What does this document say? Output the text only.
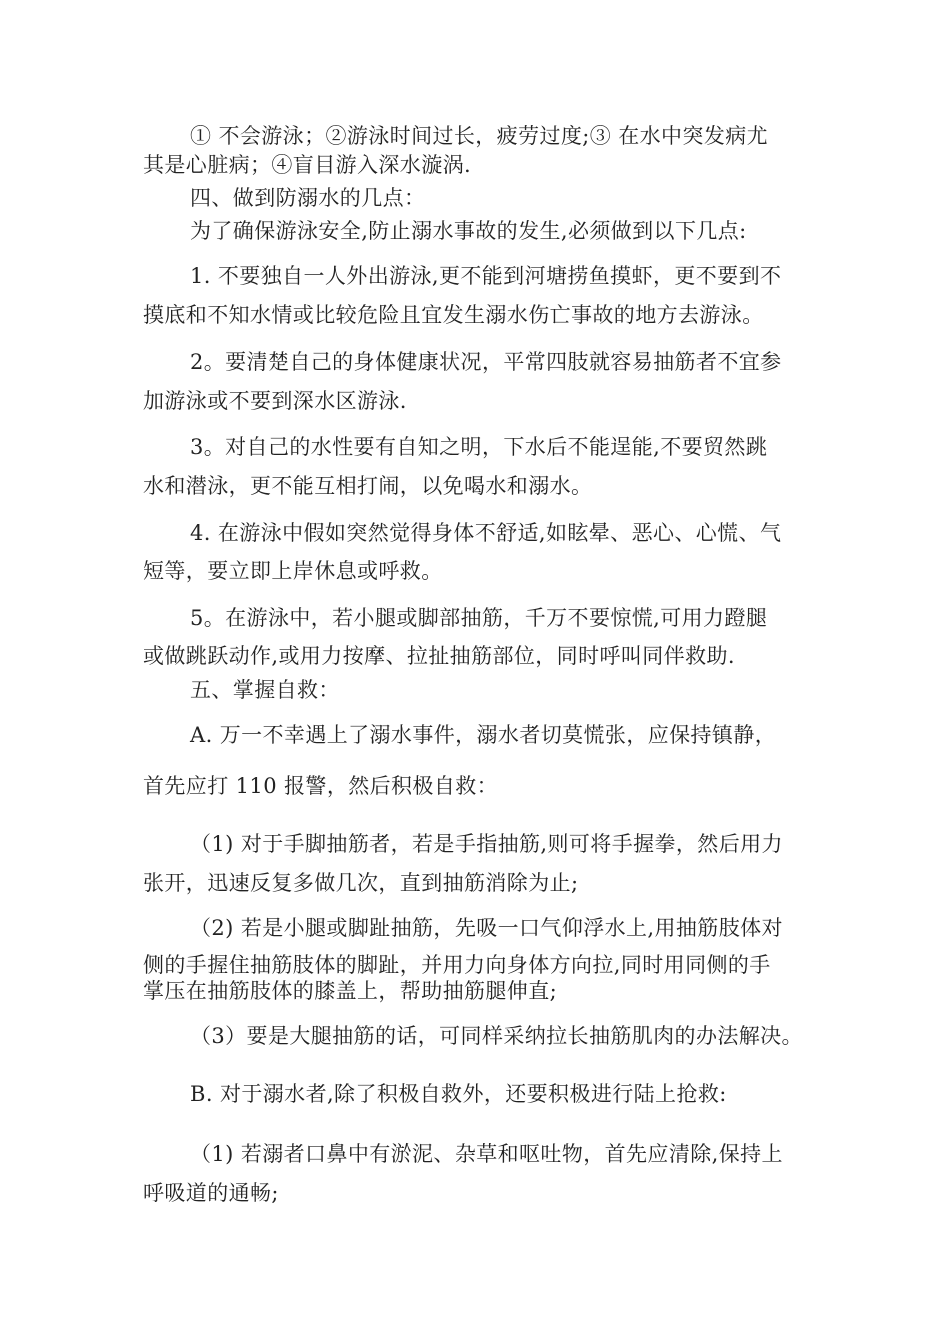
① 不会游泳；②游泳时间过长，疲劳过度;③ 在水中突发病尤
其是心脏病；④盲目游入深水漩涡.
四、做到防溺水的几点：
为了确保游泳安全,防止溺水事故的发生,必须做到以下几点:
1. 不要独自一人外出游泳,更不能到河塘捞鱼摸虾，更不要到不
摸底和不知水情或比较危险且宜发生溺水伤亡事故的地方去游泳。
2。要清楚自己的身体健康状况，平常四肢就容易抽筋者不宜参
加游泳或不要到深水区游泳.
3。对自己的水性要有自知之明，下水后不能逞能,不要贸然跳
水和潜泳，更不能互相打闹，以免喝水和溺水。
4. 在游泳中假如突然觉得身体不舒适,如眩晕、恶心、心慌、气
短等，要立即上岸休息或呼救。
5。在游泳中，若小腿或脚部抽筋，千万不要惊慌,可用力蹬腿
或做跳跃动作,或用力按摩、拉扯抽筋部位，同时呼叫同伴救助.
五、掌握自救：
A. 万一不幸遇上了溺水事件，溺水者切莫慌张，应保持镇静，
首先应打 110 报警，然后积极自救：
（1) 对于手脚抽筋者，若是手指抽筋,则可将手握拳，然后用力
张开，迅速反复多做几次，直到抽筋消除为止;
（2) 若是小腿或脚趾抽筋，先吸一口气仰浮水上,用抽筋肢体对
侧的手握住抽筋肢体的脚趾，并用力向身体方向拉,同时用同侧的手
掌压在抽筋肢体的膝盖上，帮助抽筋腿伸直;
（3）要是大腿抽筋的话，可同样采纳拉长抽筋肌肉的办法解决。
B. 对于溺水者,除了积极自救外，还要积极进行陆上抢救:
（1) 若溺者口鼻中有淤泥、杂草和呕吐物，首先应清除,保持上
呼吸道的通畅;
